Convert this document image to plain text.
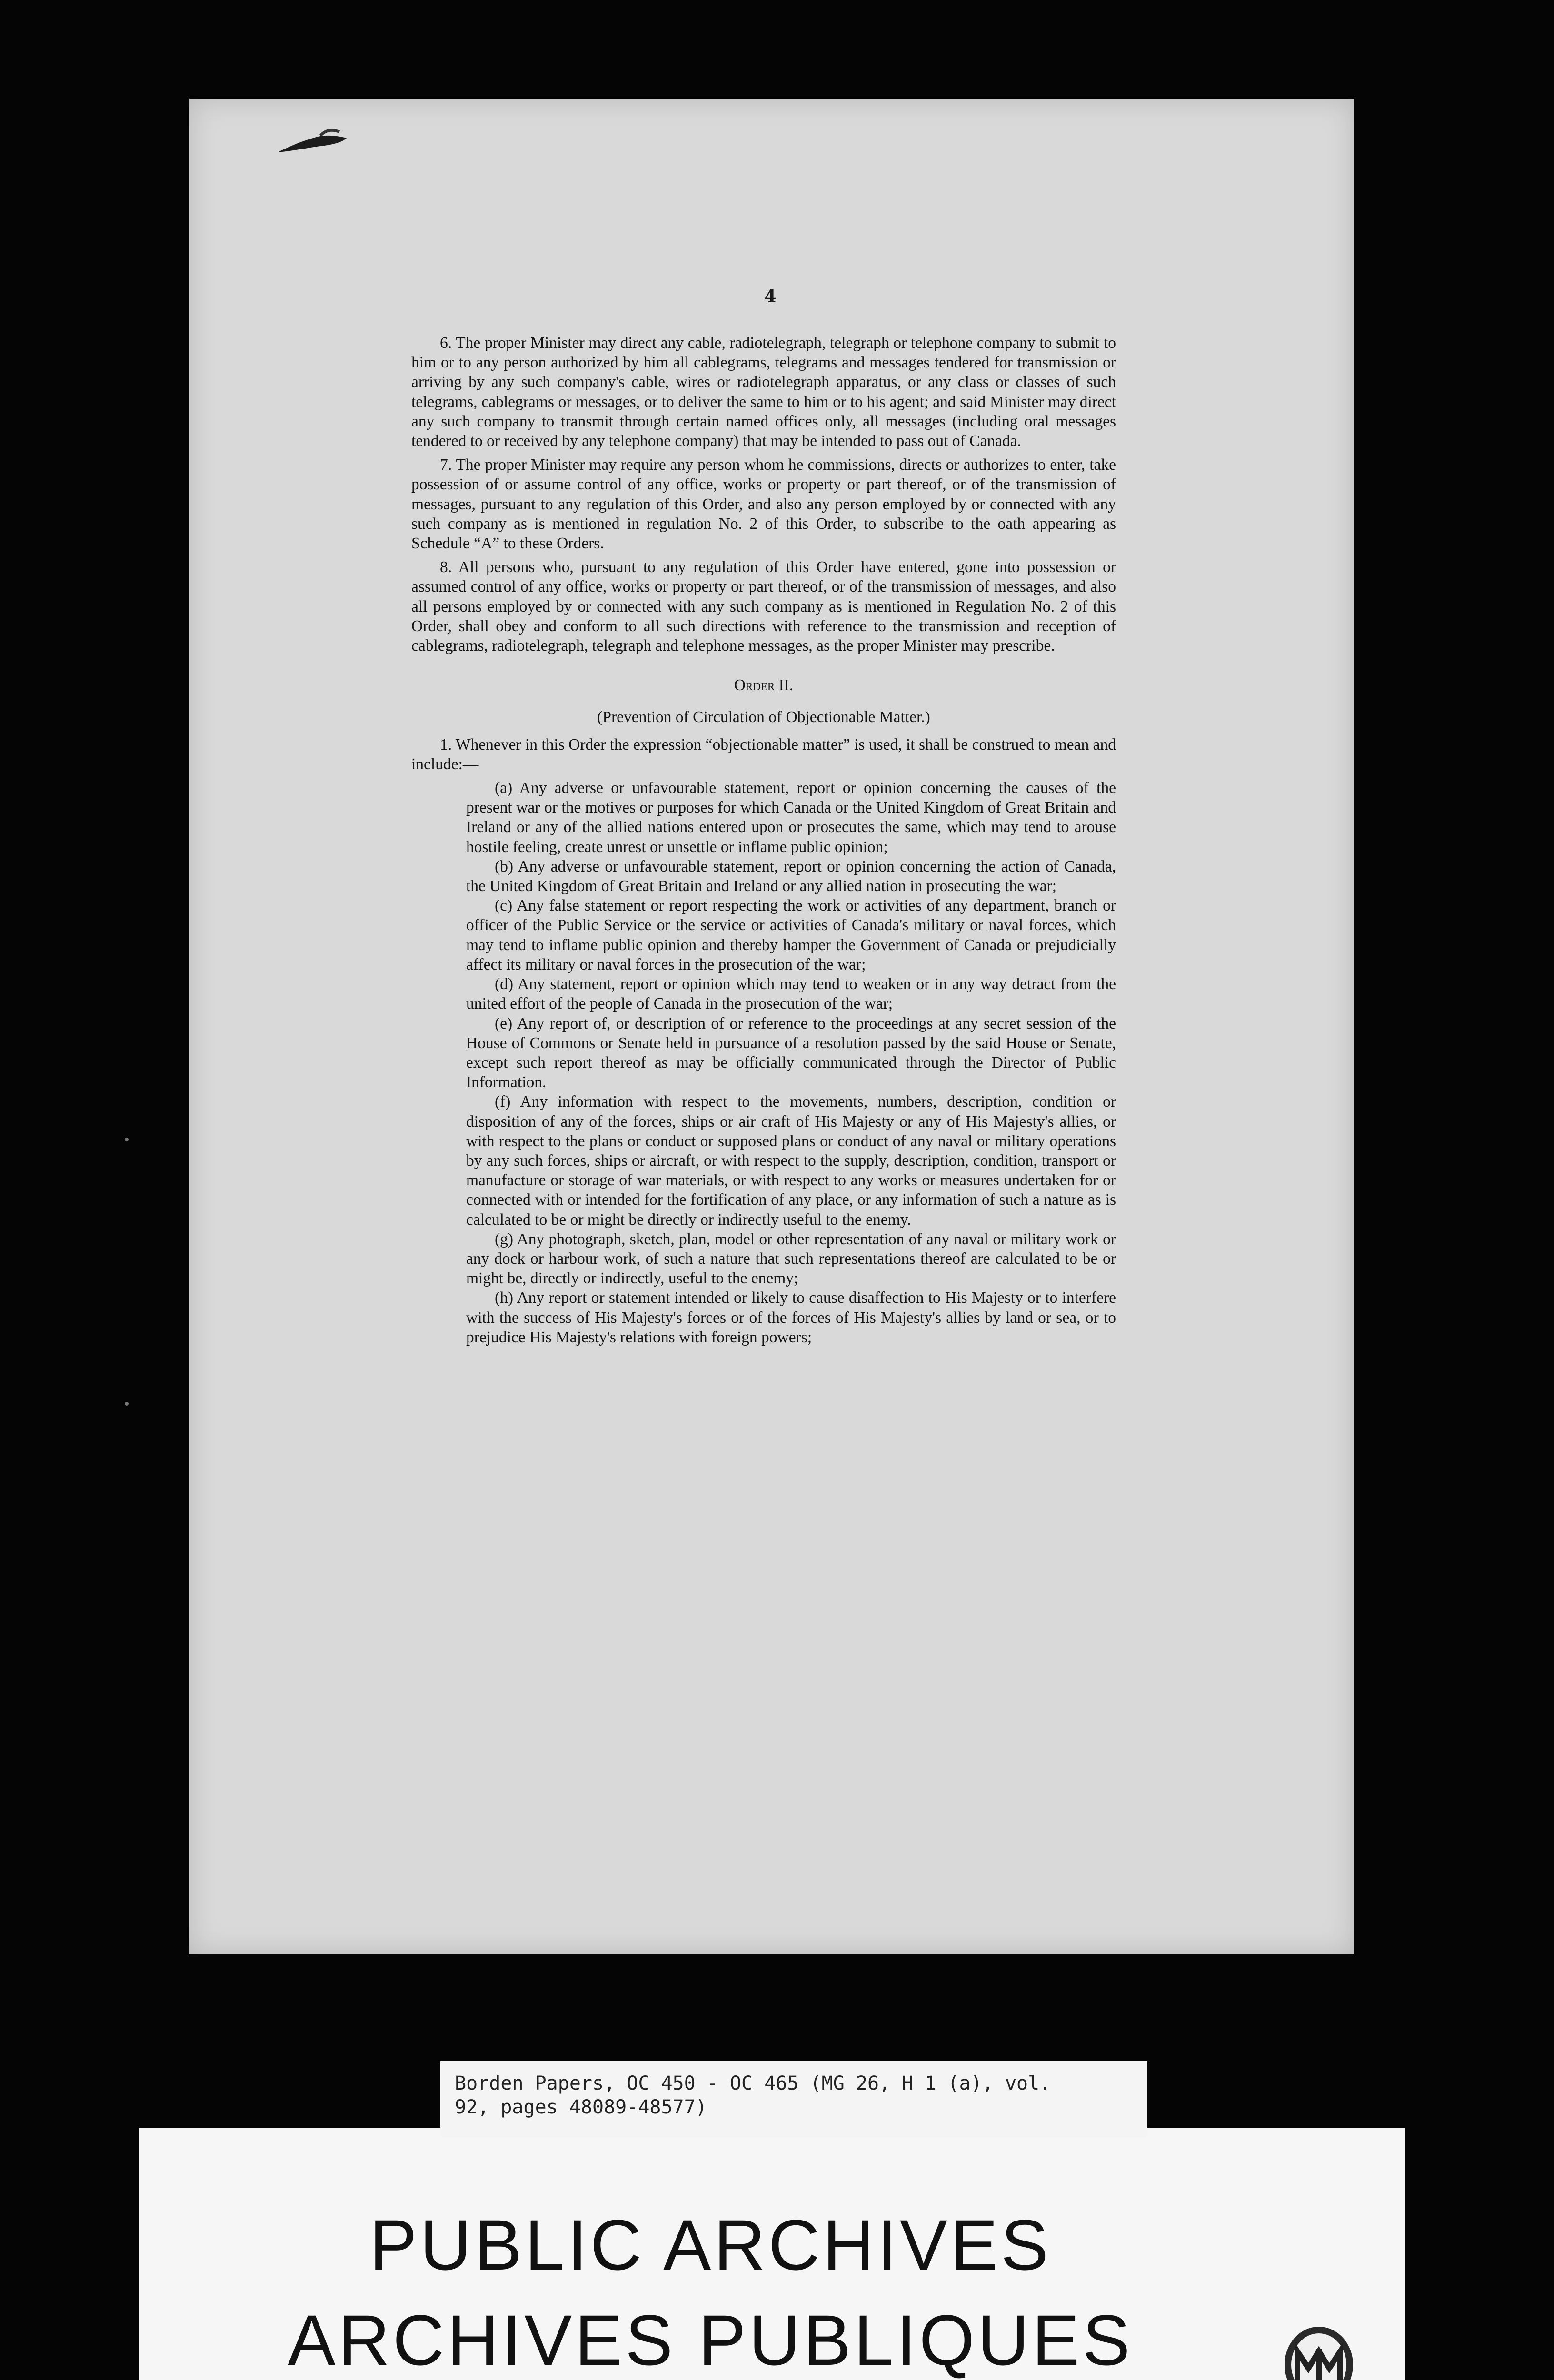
4

6. The proper Minister may direct any cable, radiotelegraph, telegraph or telephone company to submit to him or to any person authorized by him all cablegrams, telegrams and messages tendered for transmission or arriving by any such company's cable, wires or radiotelegraph apparatus, or any class or classes of such telegrams, cablegrams or messages, or to deliver the same to him or to his agent; and said Minister may direct any such company to transmit through certain named offices only, all messages (including oral messages tendered to or received by any telephone company) that may be intended to pass out of Canada.

7. The proper Minister may require any person whom he commissions, directs or authorizes to enter, take possession of or assume control of any office, works or property or part thereof, or of the transmission of messages, pursuant to any regulation of this Order, and also any person employed by or connected with any such company as is mentioned in regulation No. 2 of this Order, to subscribe to the oath appearing as Schedule “A” to these Orders.

8. All persons who, pursuant to any regulation of this Order have entered, gone into possession or assumed control of any office, works or property or part thereof, or of the transmission of messages, and also all persons employed by or connected with any such company as is mentioned in Regulation No. 2 of this Order, shall obey and conform to all such directions with reference to the transmission and reception of cablegrams, radiotelegraph, telegraph and telephone messages, as the proper Minister may prescribe.

Order II.

(Prevention of Circulation of Objectionable Matter.)

1. Whenever in this Order the expression “objectionable matter” is used, it shall be construed to mean and include:—

(a) Any adverse or unfavourable statement, report or opinion concerning the causes of the present war or the motives or purposes for which Canada or the United Kingdom of Great Britain and Ireland or any of the allied nations entered upon or prosecutes the same, which may tend to arouse hostile feeling, create unrest or unsettle or inflame public opinion;

(b) Any adverse or unfavourable statement, report or opinion concerning the action of Canada, the United Kingdom of Great Britain and Ireland or any allied nation in prosecuting the war;

(c) Any false statement or report respecting the work or activities of any department, branch or officer of the Public Service or the service or activities of Canada's military or naval forces, which may tend to inflame public opinion and thereby hamper the Government of Canada or prejudicially affect its military or naval forces in the prosecution of the war;

(d) Any statement, report or opinion which may tend to weaken or in any way detract from the united effort of the people of Canada in the prosecution of the war;

(e) Any report of, or description of or reference to the proceedings at any secret session of the House of Commons or Senate held in pursuance of a resolution passed by the said House or Senate, except such report thereof as may be officially communicated through the Director of Public Information.

(f) Any information with respect to the movements, numbers, description, condition or disposition of any of the forces, ships or air craft of His Majesty or any of His Majesty's allies, or with respect to the plans or conduct or supposed plans or conduct of any naval or military operations by any such forces, ships or aircraft, or with respect to the supply, description, condition, transport or manufacture or storage of war materials, or with respect to any works or measures undertaken for or connected with or intended for the fortification of any place, or any information of such a nature as is calculated to be or might be directly or indirectly useful to the enemy.

(g) Any photograph, sketch, plan, model or other representation of any naval or military work or any dock or harbour work, of such a nature that such representations thereof are calculated to be or might be, directly or indirectly, useful to the enemy;

(h) Any report or statement intended or likely to cause disaffection to His Majesty or to interfere with the success of His Majesty's forces or of the forces of His Majesty's allies by land or sea, or to prejudice His Majesty's relations with foreign powers;

PUBLIC ARCHIVES

ARCHIVES PUBLIQUES

Borden Papers, OC 450 - OC 465 (MG 26, H 1 (a), vol.
92, pages 48089-48577)
